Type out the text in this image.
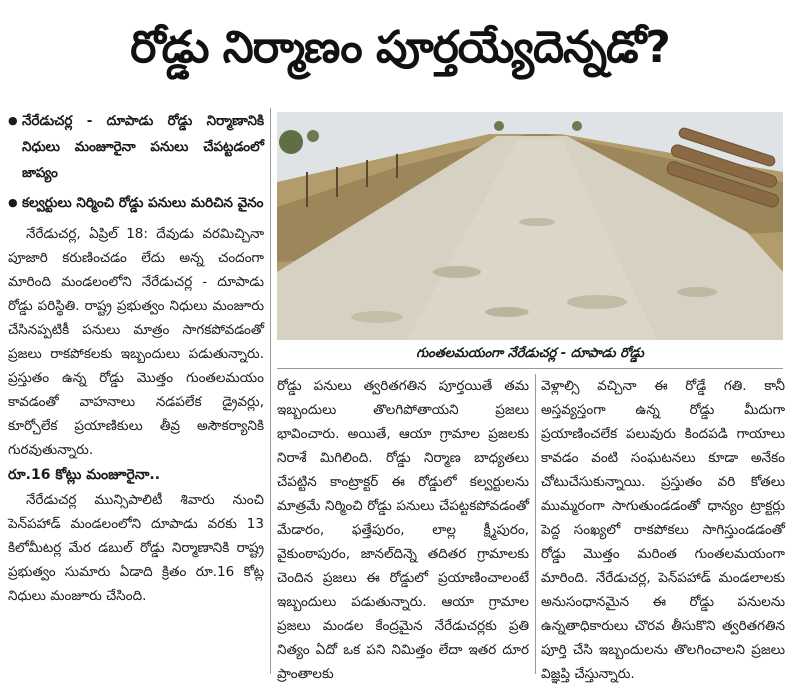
రోడ్డు నిర్మాణం పూర్తయ్యేదెన్నడో?

● నేరేడుచర్ల - దూపాడు రోడ్డు నిర్మాణానికి నిధులు మంజూరైనా పనులు చేపట్టడంలో జాప్యం

● కల్వర్టులు నిర్మించి రోడ్డు పనులు మరిచిన వైనం

నేరేడుచర్ల, ఏప్రిల్ 18: దేవుడు వరమిచ్చినా పూజారి కరుణించడం లేదు అన్న చందంగా మారింది మండలంలోని నేరేడుచర్ల - దూపాడు రోడ్డు పరిస్థితి. రాష్ట్ర ప్రభుత్వం నిధులు మంజూరు చేసినప్పటికీ పనులు మాత్రం సాగకపోవడంతో ప్రజలు రాకపోకలకు ఇబ్బందులు పడుతున్నారు. ప్రస్తుతం ఉన్న రోడ్డు మొత్తం గుంతలమయం కావడంతో వాహనాలు నడపలేక డ్రైవర్లు, కూర్చోలేక ప్రయాణికులు తీవ్ర అసౌకర్యానికి గురవుతున్నారు.

రూ.16 కోట్లు మంజూరైనా..

నేరేడుచర్ల మున్సిపాలిటీ శివారు నుంచి పెన్‌పహాడ్ మండలంలోని దూపాడు వరకు 13 కిలోమీటర్ల మేర డబుల్ రోడ్డు నిర్మాణానికి రాష్ట్ర ప్రభుత్వం సుమారు ఏడాది క్రితం రూ.16 కోట్ల నిధులు మంజూరు చేసింది.

గుంతలమయంగా నేరేడుచర్ల - దూపాడు రోడ్డు

రోడ్డు పనులు త్వరితగతిన పూర్తయితే తమ ఇబ్బందులు తొలగిపోతాయని ప్రజలు భావించారు. అయితే, ఆయా గ్రామాల ప్రజలకు నిరాశే మిగిలింది. రోడ్డు నిర్మాణ బాధ్యతలు చేపట్టిన కాంట్రాక్టర్ ఈ రోడ్డులో కల్వర్టులను మాత్రమే నిర్మించి రోడ్డు పనులు చేపట్టకపోవడంతో మేడారం, ఫత్తేపురం, లాల్ల క్ష్మీపురం, వైకుంఠాపురం, జానల్‌దిన్నె తదితర గ్రామాలకు చెందిన ప్రజలు ఈ రోడ్డులో ప్రయాణించాలంటే ఇబ్బందులు పడుతున్నారు. ఆయా గ్రామాల ప్రజలు మండల కేంద్రమైన నేరేడుచర్లకు ప్రతి నిత్యం ఏదో ఒక పని నిమిత్తం లేదా ఇతర దూర ప్రాంతాలకు

వెళ్లాల్సి వచ్చినా ఈ రోడ్డే గతి. కానీ అస్తవ్యస్తంగా ఉన్న రోడ్డు మీదుగా ప్రయాణించలేక పలువురు కిందపడి గాయాలు కావడం వంటి సంఘటనలు కూడా అనేకం చోటుచేసుకున్నాయి. ప్రస్తుతం వరి కోతలు ముమ్మరంగా సాగుతుండడంతో ధాన్యం ట్రాక్టర్లు పెద్ద సంఖ్యలో రాకపోకలు సాగిస్తుండడంతో రోడ్డు మొత్తం మరింత గుంతలమయంగా మారింది. నేరేడుచర్ల, పెన్‌పహాడ్ మండలాలకు అనుసంధానమైన ఈ రోడ్డు పనులను ఉన్నతాధికారులు చొరవ తీసుకొని త్వరితగతిన పూర్తి చేసి ఇబ్బందులను తొలగించాలని ప్రజలు విజ్ఞప్తి చేస్తున్నారు.
